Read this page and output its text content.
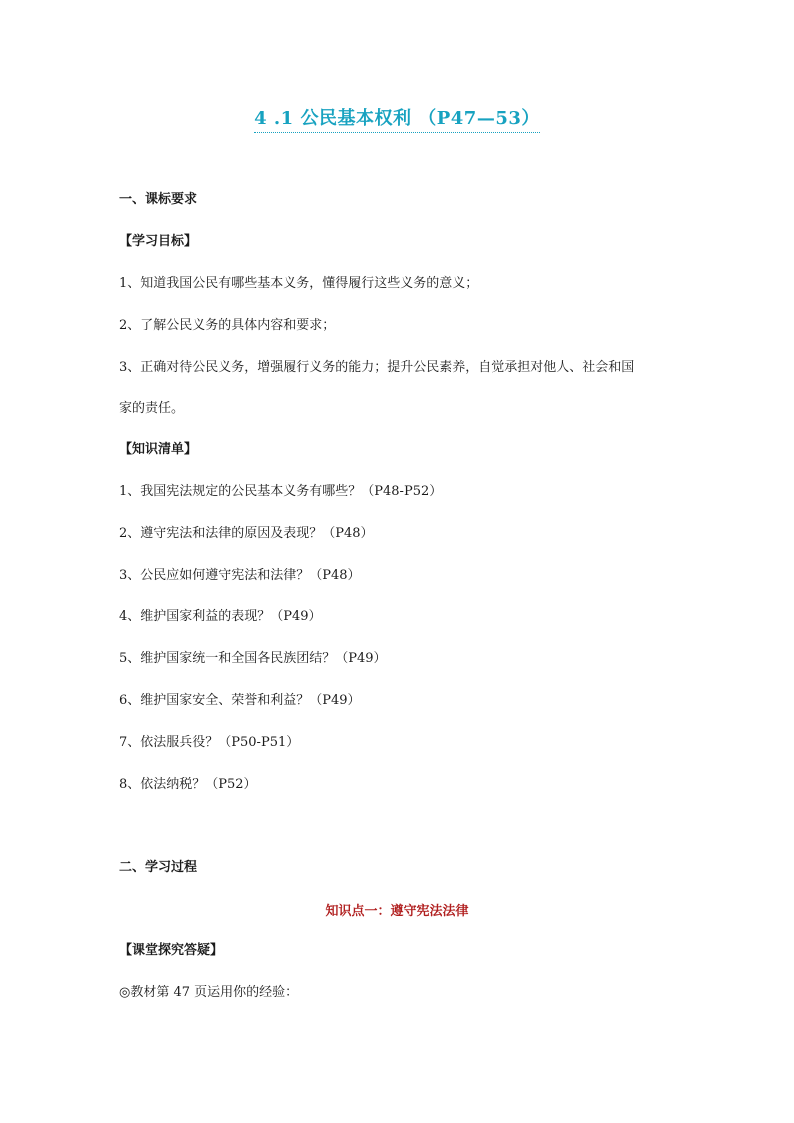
4 .1 公民基本权利 （P47—53）
一、课标要求
【学习目标】
1、知道我国公民有哪些基本义务，懂得履行这些义务的意义；
2、了解公民义务的具体内容和要求；
3、正确对待公民义务，增强履行义务的能力；提升公民素养，自觉承担对他人、社会和国
家的责任。
【知识清单】
1、我国宪法规定的公民基本义务有哪些？（P48-P52）
2、遵守宪法和法律的原因及表现？（P48）
3、公民应如何遵守宪法和法律？（P48）
4、维护国家利益的表现？（P49）
5、维护国家统一和全国各民族团结？（P49）
6、维护国家安全、荣誉和利益？（P49）
7、依法服兵役？（P50-P51）
8、依法纳税？（P52）
二、学习过程
知识点一：遵守宪法法律
【课堂探究答疑】
◎教材第 47 页运用你的经验：
